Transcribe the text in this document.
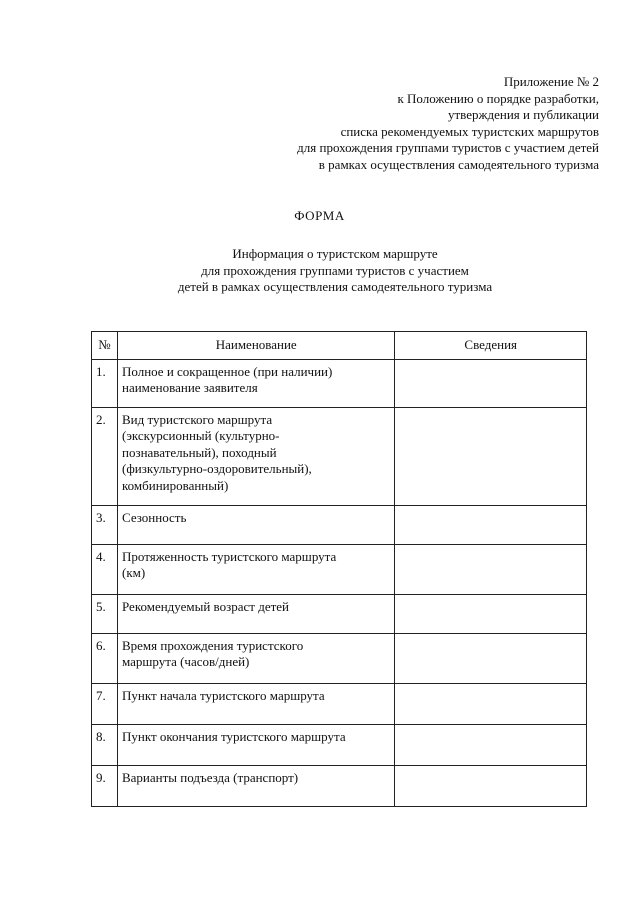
Приложение № 2
к Положению о порядке разработки,
утверждения и публикации
списка рекомендуемых туристских маршрутов
для прохождения группами туристов с участием детей
в рамках осуществления самодеятельного туризма
ФОРМА
Информация о туристском маршруте
для прохождения группами туристов с участием
детей в рамках осуществления самодеятельного туризма
№	Наименование	Сведения
1.	Полное и сокращенное (при наличии)
наименование заявителя	

2.	Вид туристского маршрута
(экскурсионный (культурно-
познавательный), походный
(физкультурно-оздоровительный),
комбинированный)	

3.	Сезонность	

4.	Протяженность туристского маршрута
(км)	

5.	Рекомендуемый возраст детей	

6.	Время прохождения туристского
маршрута (часов/дней)	

7.	Пункт начала туристского маршрута	

8.	Пункт окончания туристского маршрута	

9.	Варианты подъезда (транспорт)	
